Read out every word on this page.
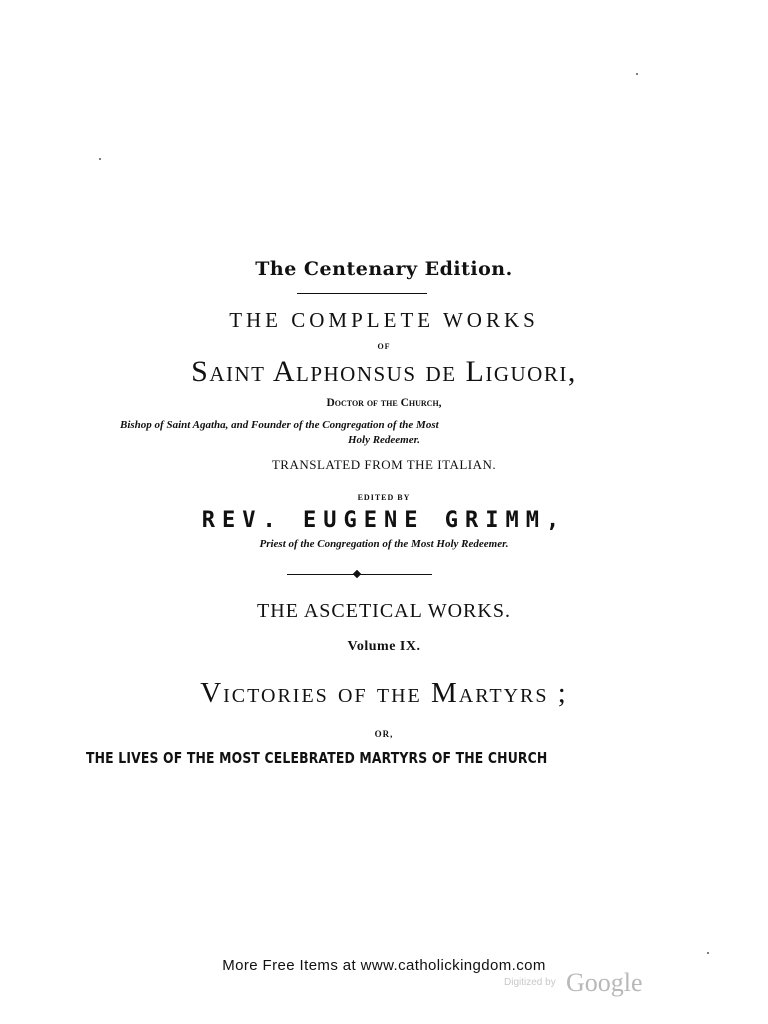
The Centenary Edition.
THE COMPLETE WORKS
OF
Saint Alphonsus de Liguori,
Doctor of the Church,
Bishop of Saint Agatha, and Founder of the Congregation of the Most
Holy Redeemer.
TRANSLATED FROM THE ITALIAN.
EDITED BY
REV. EUGENE GRIMM,
Priest of the Congregation of the Most Holy Redeemer.
THE ASCETICAL WORKS.
Volume IX.
Victories of the Martyrs ;
OR,
THE LIVES OF THE MOST CELEBRATED MARTYRS OF THE CHURCH
More Free Items at www.catholickingdom.com
Digitized by Google
